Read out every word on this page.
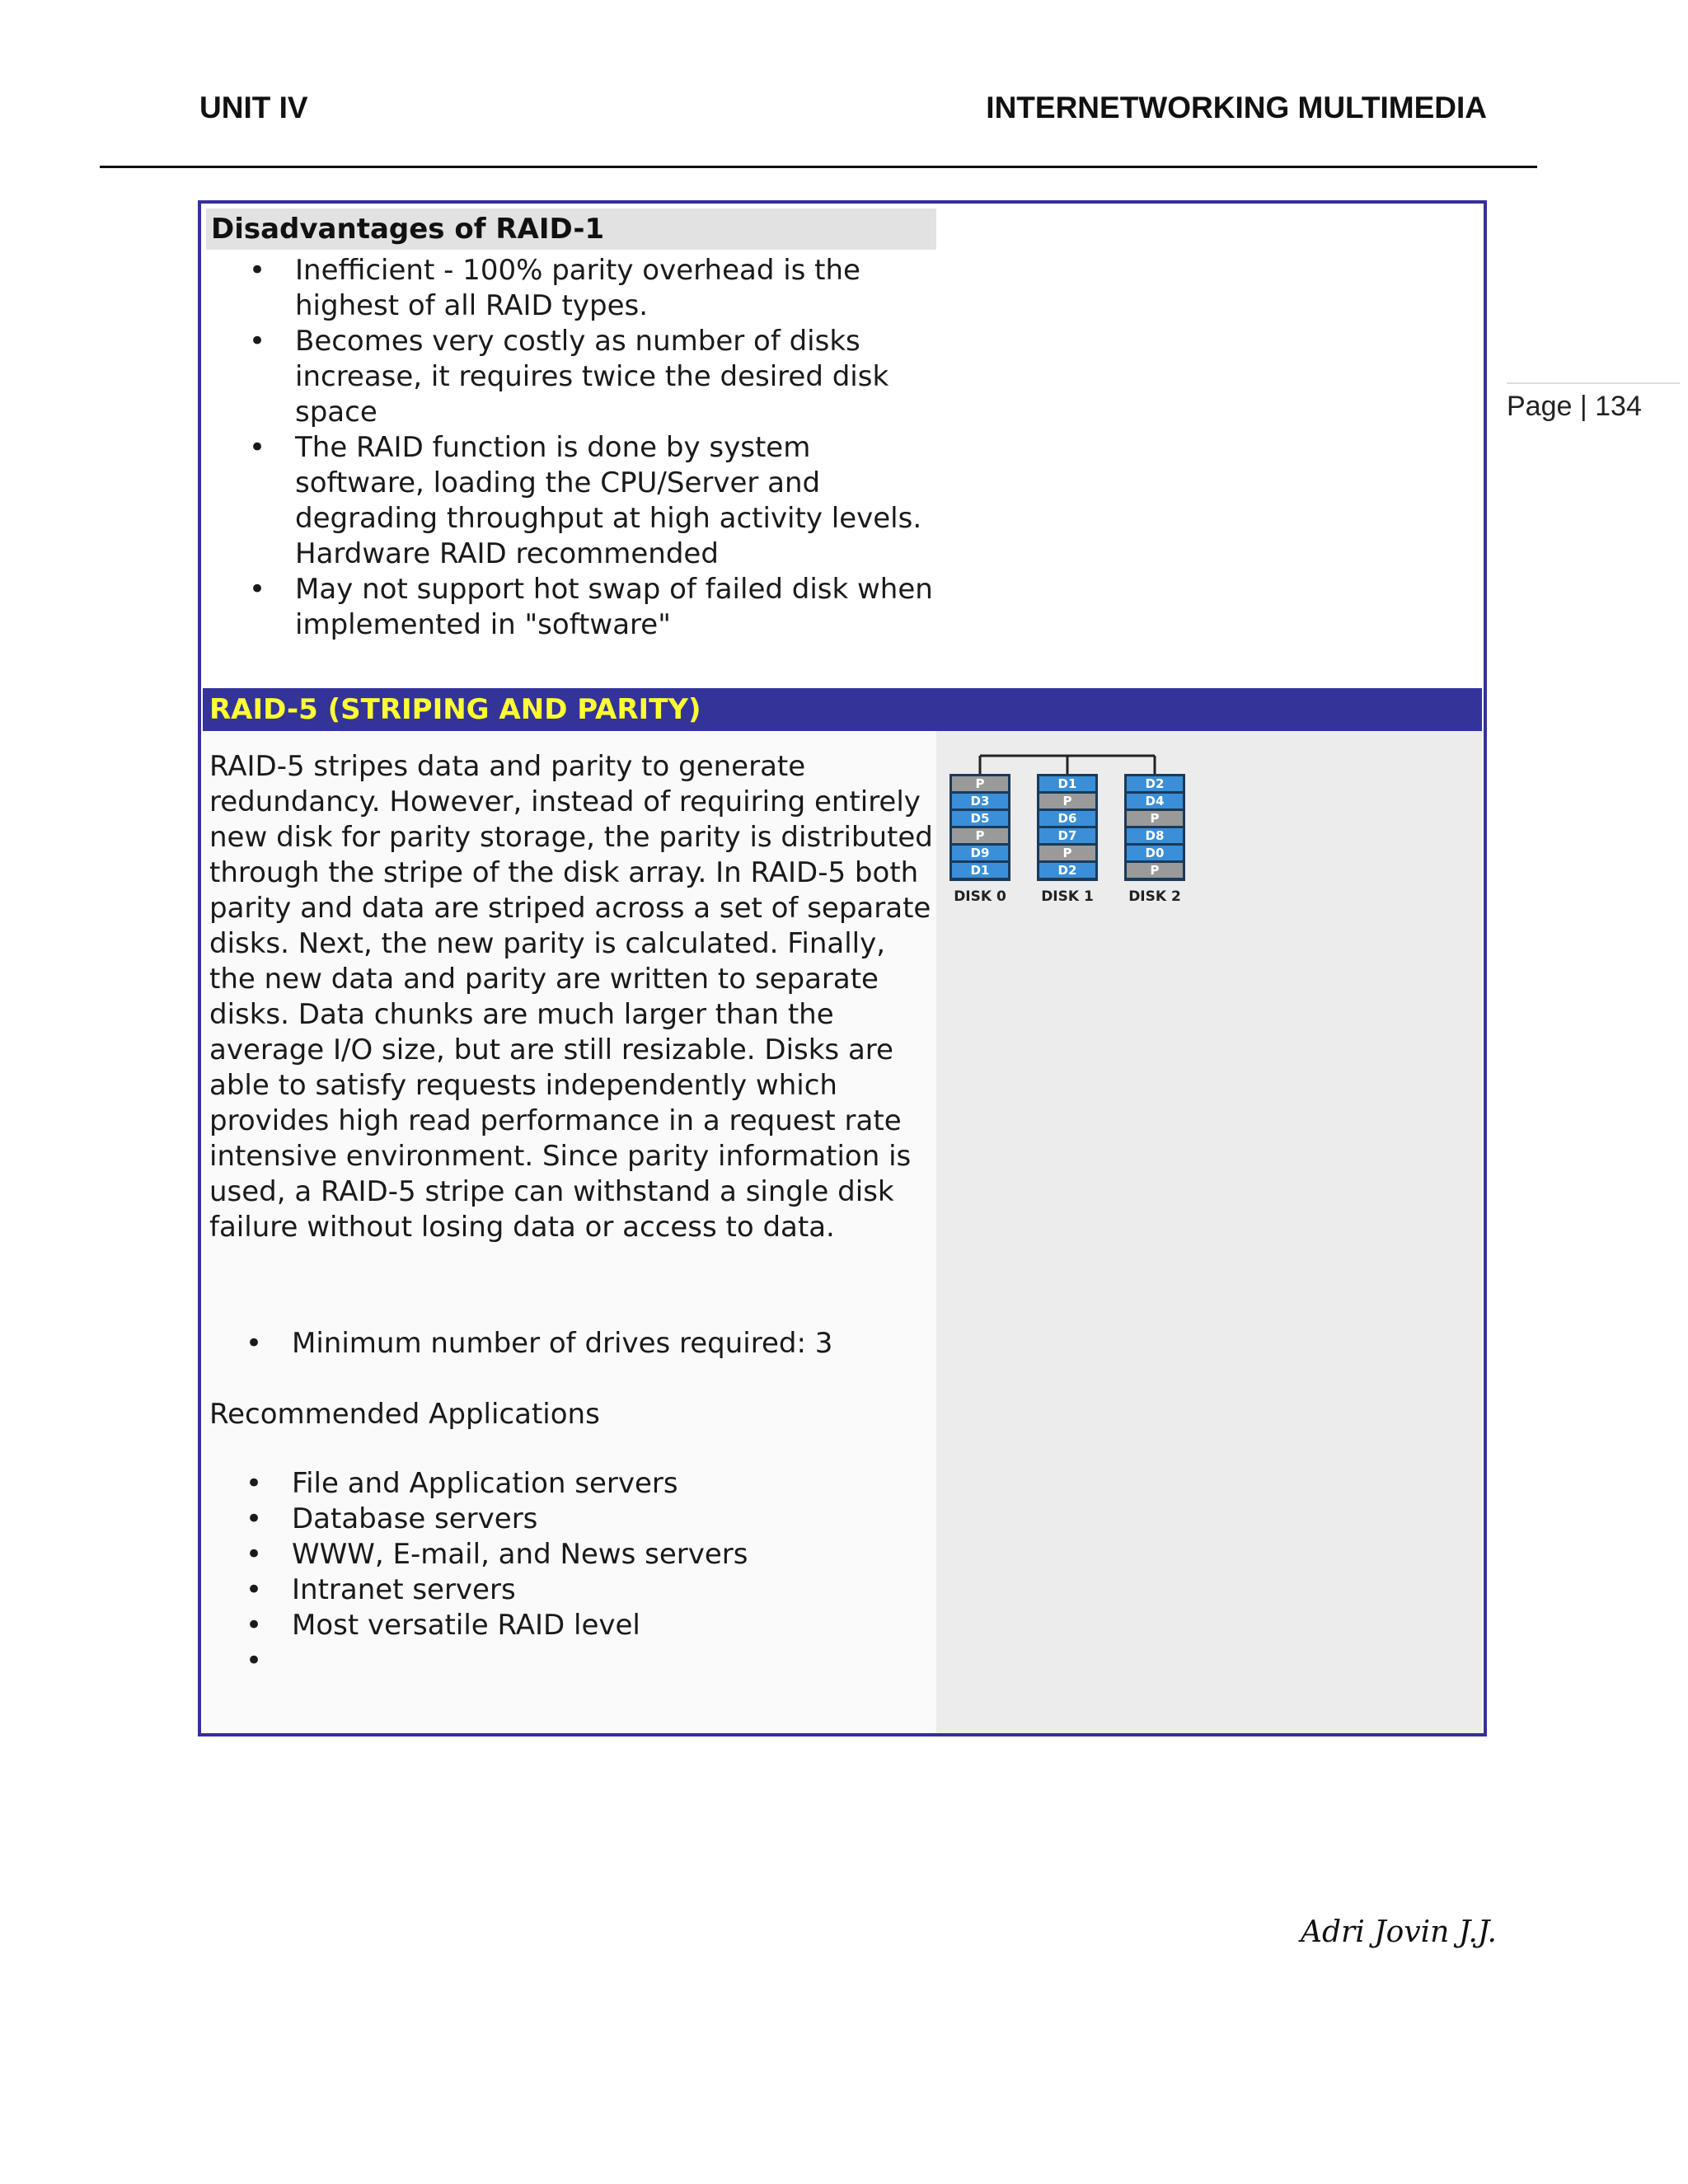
UNIT IV	INTERNETWORKING MULTIMEDIA
Page | 134
Disadvantages of RAID-1
• Inefficient - 100% parity overhead is the highest of all RAID types.
• Becomes very costly as number of disks increase, it requires twice the desired disk space
• The RAID function is done by system software, loading the CPU/Server and degrading throughput at high activity levels. Hardware RAID recommended
• May not support hot swap of failed disk when implemented in "software"
RAID-5 (STRIPING AND PARITY)

RAID-5 stripes data and parity to generate redundancy. However, instead of requiring entirely new disk for parity storage, the parity is distributed through the stripe of the disk array. In RAID-5 both parity and data are striped across a set of separate disks. Next, the new parity is calculated. Finally, the new data and parity are written to separate disks. Data chunks are much larger than the average I/O size, but are still resizable. Disks are able to satisfy requests independently which provides high read performance in a request rate intensive environment. Since parity information is used, a RAID-5 stripe can withstand a single disk failure without losing data or access to data.

• Minimum number of drives required: 3

Recommended Applications

• File and Application servers
• Database servers
• WWW, E-mail, and News servers
• Intranet servers
• Most versatile RAID level
P
D3
D5
P
D9
D1
DISK 0
D1
P
D6
D7
P
D2
DISK 1
D2
D4
P
D8
D0
P
DISK 2
Adri Jovin J.J.
